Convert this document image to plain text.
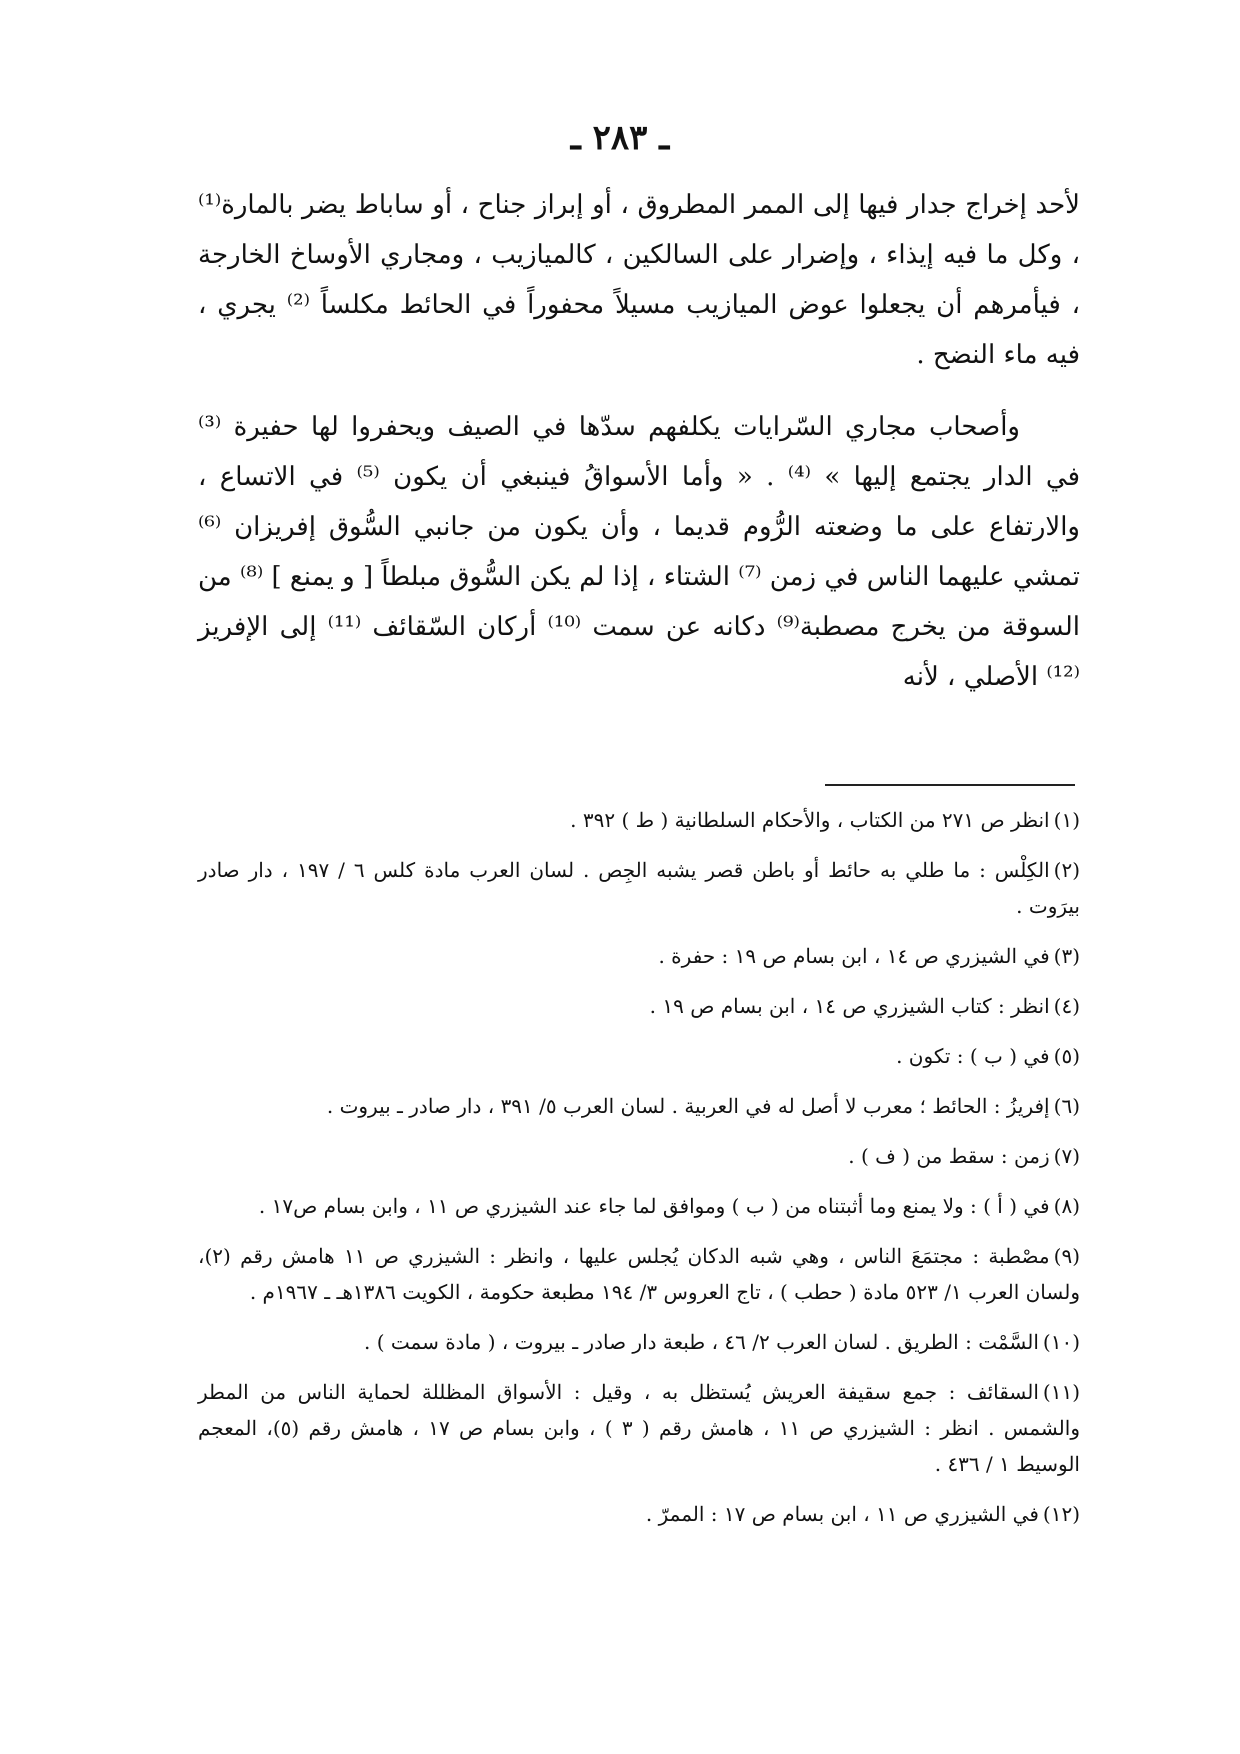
ـ ٢٨٣ ـ

لأحد إخراج جدار فيها إلى الممر المطروق ، أو إبراز جناح ، أو ساباط يضر بالمارة⁽¹⁾ ، وكل ما فيه إيذاء ، وإضرار على السالكين ، كالميازيب ، ومجاري الأوساخ الخارجة ، فيأمرهم أن يجعلوا عوض الميازيب مسيلاً محفوراً في الحائط مكلساً ⁽²⁾ يجري ، فيه ماء النضح .

وأصحاب مجاري السّرايات يكلفهم سدّها في الصيف ويحفروا لها حفيرة ⁽³⁾ في الدار يجتمع إليها » ⁽⁴⁾ . « وأما الأسواقُ فينبغي أن يكون ⁽⁵⁾ في الاتساع ، والارتفاع على ما وضعته الرُّوم قديما ، وأن يكون من جانبي السُّوق إفريزان ⁽⁶⁾ تمشي عليهما الناس في زمن ⁽⁷⁾ الشتاء ، إذا لم يكن السُّوق مبلطاً [ و يمنع ] ⁽⁸⁾ من السوقة من يخرج مصطبة⁽⁹⁾ دكانه عن سمت ⁽¹⁰⁾ أركان السّقائف ⁽¹¹⁾ إلى الإفريز ⁽¹²⁾ الأصلي ، لأنه

(١)انظر ص ٢٧١ من الكتاب ، والأحكام السلطانية ( ط ) ٣٩٢ .

(٢)الكِلْس : ما طلي به حائط أو باطن قصر يشبه الجِص . لسان العرب مادة كلس ٦ / ١٩٧ ، دار صادر بيرَوت .

(٣)في الشيزري ص ١٤ ، ابن بسام ص ١٩ : حفرة .

(٤)انظر : كتاب الشيزري ص ١٤ ، ابن بسام ص ١٩ .

(٥)في ( ب ) : تكون .

(٦)إفريزُ : الحائط ؛ معرب لا أصل له في العربية . لسان العرب ٥/ ٣٩١ ، دار صادر ـ بيروت .

(٧)زمن : سقط من ( ف ) .

(٨)في ( أ ) : ولا يمنع وما أثبتناه من ( ب ) وموافق لما جاء عند الشيزري ص ١١ ، وابن بسام ص١٧ .

(٩)مصْطبة : مجتمَعَ الناس ، وهي شبه الدكان يُجلس عليها ، وانظر : الشيزري ص ١١ هامش رقم (٢)، ولسان العرب ١/ ٥٢٣ مادة ( حطب ) ، تاج العروس ٣/ ١٩٤ مطبعة حكومة ، الكويت ١٣٨٦هـ ـ ١٩٦٧م .

(١٠)السَّمْت : الطريق . لسان العرب ٢/ ٤٦ ، طبعة دار صادر ـ بيروت ، ( مادة سمت ) .

(١١)السقائف : جمع سقيفة العريش يُستظل به ، وقيل : الأسواق المظللة لحماية الناس من المطر والشمس . انظر : الشيزري ص ١١ ، هامش رقم ( ٣ ) ، وابن بسام ص ١٧ ، هامش رقم (٥)، المعجم الوسيط ١ / ٤٣٦ .

(١٢)في الشيزري ص ١١ ، ابن بسام ص ١٧ : الممرّ .
